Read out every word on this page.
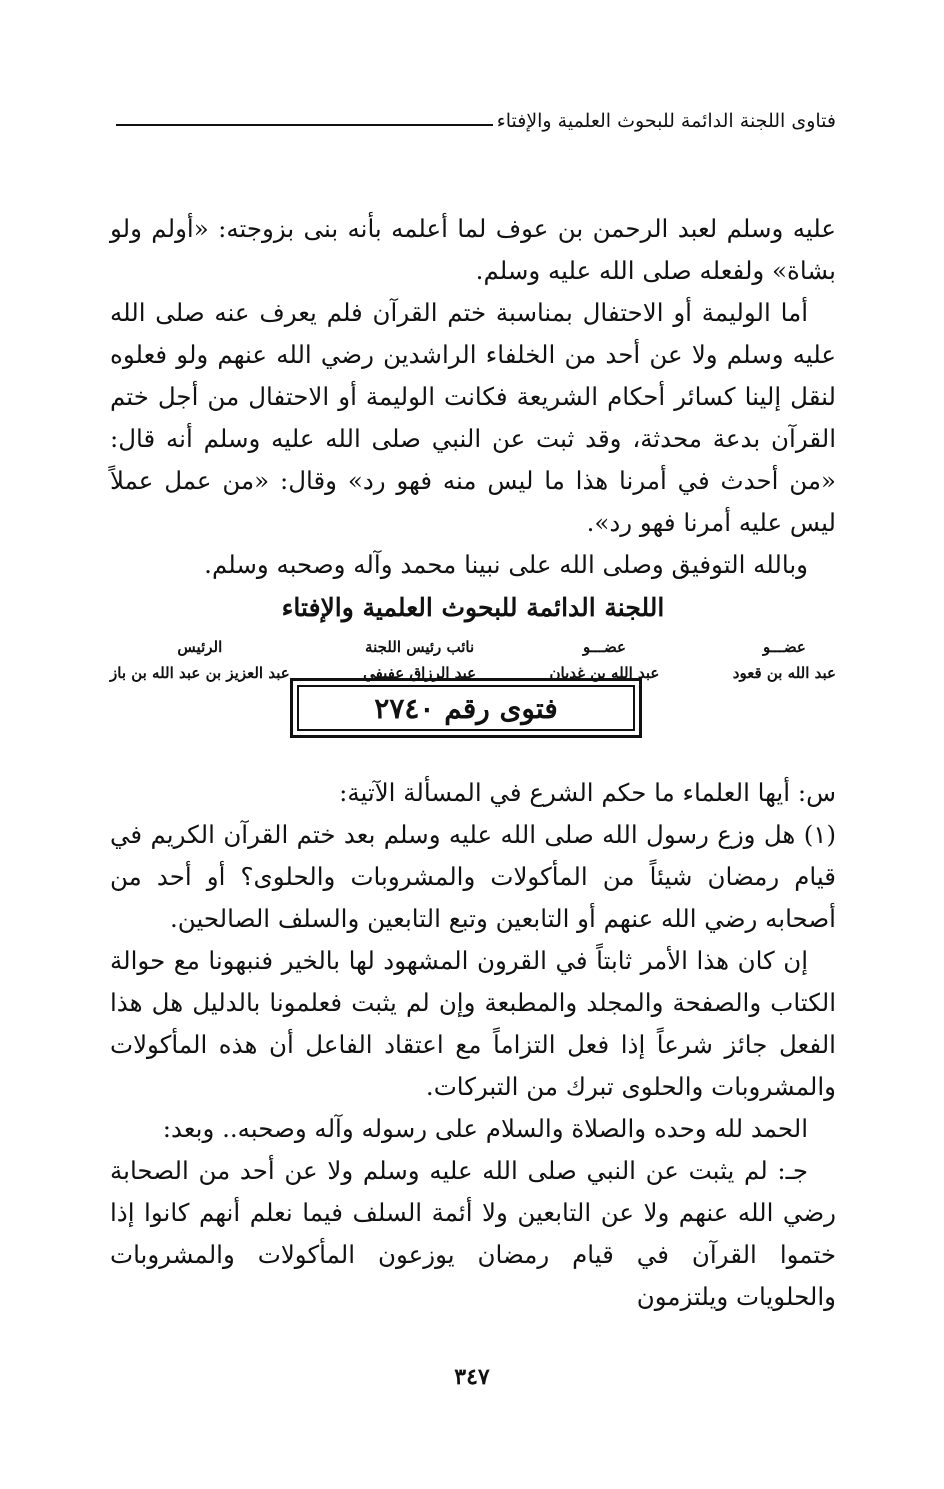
فتاوى اللجنة الدائمة للبحوث العلمية والإفتاء

عليه وسلم لعبد الرحمن بن عوف لما أعلمه بأنه بنى بزوجته: «أولم ولو بشاة» ولفعله صلى الله عليه وسلم.

أما الوليمة أو الاحتفال بمناسبة ختم القرآن فلم يعرف عنه صلى الله عليه وسلم ولا عن أحد من الخلفاء الراشدين رضي الله عنهم ولو فعلوه لنقل إلينا كسائر أحكام الشريعة فكانت الوليمة أو الاحتفال من أجل ختم القرآن بدعة محدثة، وقد ثبت عن النبي صلى الله عليه وسلم أنه قال: «من أحدث في أمرنا هذا ما ليس منه فهو رد» وقال: «من عمل عملاً ليس عليه أمرنا فهو رد».

وبالله التوفيق وصلى الله على نبينا محمد وآله وصحبه وسلم.

اللجنة الدائمة للبحوث العلمية والإفتاء
عضـــو
عبد الله بن قعود
عضـــو
عبد الله بن غديان
نائب رئيس اللجنة
عبد الرزاق عفيفي
الرئيس
عبد العزيز بن عبد الله بن باز
فتوى رقم ٢٧٤٠

س: أيها العلماء ما حكم الشرع في المسألة الآتية:

(١) هل وزع رسول الله صلى الله عليه وسلم بعد ختم القرآن الكريم في قيام رمضان شيئاً من المأكولات والمشروبات والحلوى؟ أو أحد من أصحابه رضي الله عنهم أو التابعين وتبع التابعين والسلف الصالحين.

إن كان هذا الأمر ثابتاً في القرون المشهود لها بالخير فنبهونا مع حوالة الكتاب والصفحة والمجلد والمطبعة وإن لم يثبت فعلمونا بالدليل هل هذا الفعل جائز شرعاً إذا فعل التزاماً مع اعتقاد الفاعل أن هذه المأكولات والمشروبات والحلوى تبرك من التبركات.

الحمد لله وحده والصلاة والسلام على رسوله وآله وصحبه.. وبعد:

جـ: لم يثبت عن النبي صلى الله عليه وسلم ولا عن أحد من الصحابة رضي الله عنهم ولا عن التابعين ولا أئمة السلف فيما نعلم أنهم كانوا إذا ختموا القرآن في قيام رمضان يوزعون المأكولات والمشروبات والحلويات ويلتزمون

٣٤٧
